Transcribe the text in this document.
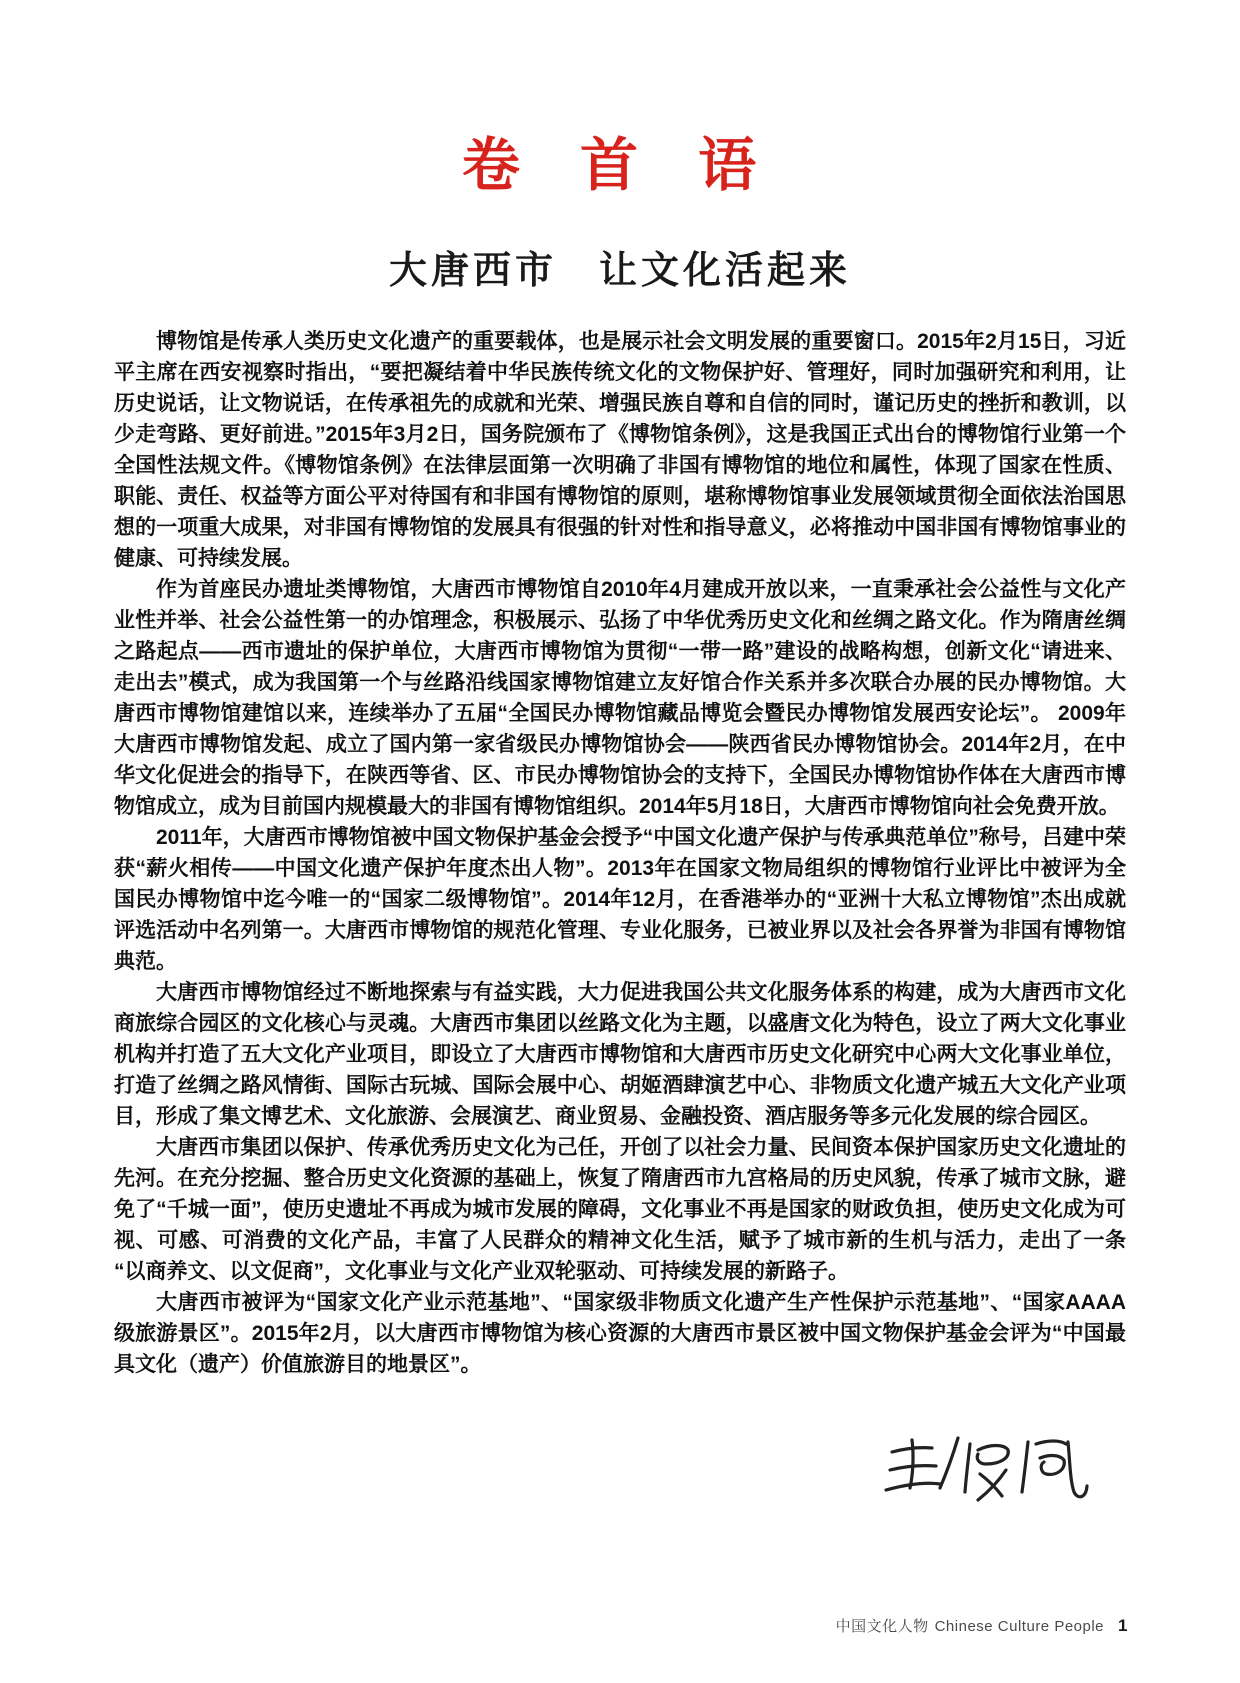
卷 首 语
大唐西市　让文化活起来

博物馆是传承人类历史文化遗产的重要载体，也是展示社会文明发展的重要窗口。2015年2月15日，习近平主席在西安视察时指出，“要把凝结着中华民族传统文化的文物保护好、管理好，同时加强研究和利用，让历史说话，让文物说话，在传承祖先的成就和光荣、增强民族自尊和自信的同时，谨记历史的挫折和教训，以少走弯路、更好前进。”2015年3月2日，国务院颁布了《博物馆条例》，这是我国正式出台的博物馆行业第一个全国性法规文件。《博物馆条例》在法律层面第一次明确了非国有博物馆的地位和属性，体现了国家在性质、职能、责任、权益等方面公平对待国有和非国有博物馆的原则，堪称博物馆事业发展领域贯彻全面依法治国思想的一项重大成果，对非国有博物馆的发展具有很强的针对性和指导意义，必将推动中国非国有博物馆事业的健康、可持续发展。

作为首座民办遗址类博物馆，大唐西市博物馆自2010年4月建成开放以来，一直秉承社会公益性与文化产业性并举、社会公益性第一的办馆理念，积极展示、弘扬了中华优秀历史文化和丝绸之路文化。作为隋唐丝绸之路起点——西市遗址的保护单位，大唐西市博物馆为贯彻“一带一路”建设的战略构想，创新文化“请进来、走出去”模式，成为我国第一个与丝路沿线国家博物馆建立友好馆合作关系并多次联合办展的民办博物馆。大唐西市博物馆建馆以来，连续举办了五届“全国民办博物馆藏品博览会暨民办博物馆发展西安论坛”。 2009年大唐西市博物馆发起、成立了国内第一家省级民办博物馆协会——陕西省民办博物馆协会。2014年2月，在中华文化促进会的指导下，在陕西等省、区、市民办博物馆协会的支持下，全国民办博物馆协作体在大唐西市博物馆成立，成为目前国内规模最大的非国有博物馆组织。2014年5月18日，大唐西市博物馆向社会免费开放。

2011年，大唐西市博物馆被中国文物保护基金会授予“中国文化遗产保护与传承典范单位”称号，吕建中荣获“薪火相传——中国文化遗产保护年度杰出人物”。2013年在国家文物局组织的博物馆行业评比中被评为全国民办博物馆中迄今唯一的“国家二级博物馆”。2014年12月，在香港举办的“亚洲十大私立博物馆”杰出成就评选活动中名列第一。大唐西市博物馆的规范化管理、专业化服务，已被业界以及社会各界誉为非国有博物馆典范。

大唐西市博物馆经过不断地探索与有益实践，大力促进我国公共文化服务体系的构建，成为大唐西市文化商旅综合园区的文化核心与灵魂。大唐西市集团以丝路文化为主题，以盛唐文化为特色，设立了两大文化事业机构并打造了五大文化产业项目，即设立了大唐西市博物馆和大唐西市历史文化研究中心两大文化事业单位，打造了丝绸之路风情街、国际古玩城、国际会展中心、胡姬酒肆演艺中心、非物质文化遗产城五大文化产业项目，形成了集文博艺术、文化旅游、会展演艺、商业贸易、金融投资、酒店服务等多元化发展的综合园区。

大唐西市集团以保护、传承优秀历史文化为己任，开创了以社会力量、民间资本保护国家历史文化遗址的先河。在充分挖掘、整合历史文化资源的基础上，恢复了隋唐西市九宫格局的历史风貌，传承了城市文脉，避免了“千城一面”，使历史遗址不再成为城市发展的障碍，文化事业不再是国家的财政负担，使历史文化成为可视、可感、可消费的文化产品，丰富了人民群众的精神文化生活，赋予了城市新的生机与活力，走出了一条“以商养文、以文促商”，文化事业与文化产业双轮驱动、可持续发展的新路子。

大唐西市被评为“国家文化产业示范基地”、“国家级非物质文化遗产生产性保护示范基地”、“国家AAAA级旅游景区”。2015年2月，以大唐西市博物馆为核心资源的大唐西市景区被中国文物保护基金会评为“中国最具文化（遗产）价值旅游目的地景区”。

中国文化人物 Chinese Culture People 1
